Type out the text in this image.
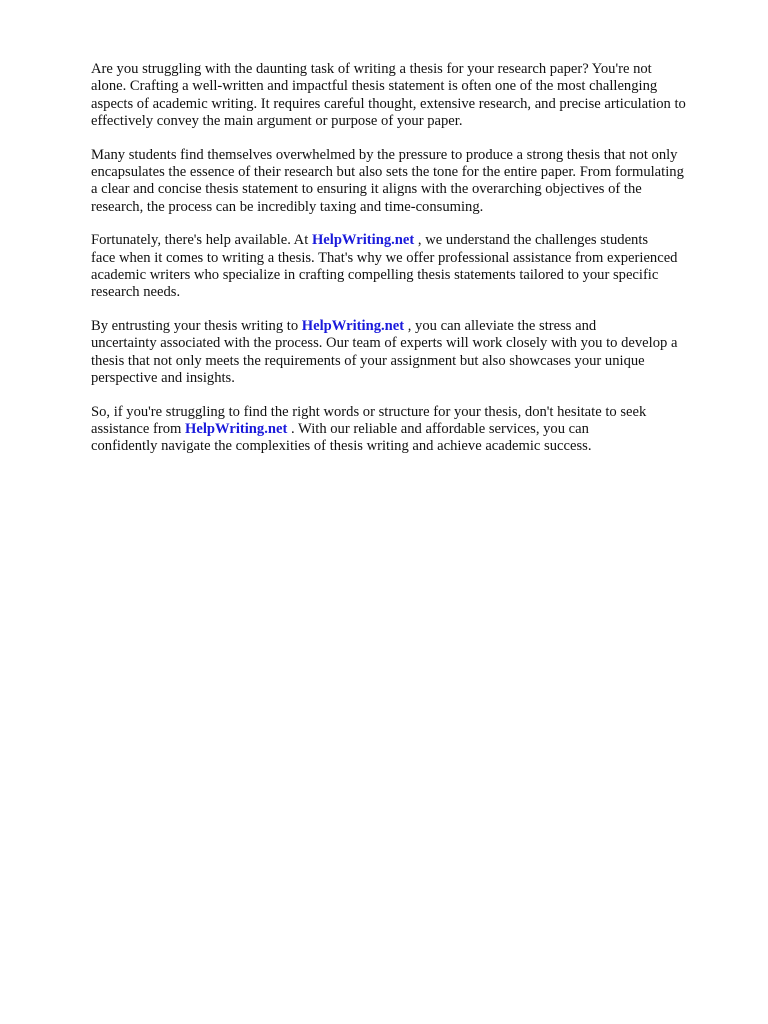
Are you struggling with the daunting task of writing a thesis for your research paper? You're not
alone. Crafting a well-written and impactful thesis statement is often one of the most challenging
aspects of academic writing. It requires careful thought, extensive research, and precise articulation to
effectively convey the main argument or purpose of your paper.

Many students find themselves overwhelmed by the pressure to produce a strong thesis that not only
encapsulates the essence of their research but also sets the tone for the entire paper. From formulating
a clear and concise thesis statement to ensuring it aligns with the overarching objectives of the
research, the process can be incredibly taxing and time-consuming.

Fortunately, there's help available. At HelpWriting.net , we understand the challenges students
face when it comes to writing a thesis. That's why we offer professional assistance from experienced
academic writers who specialize in crafting compelling thesis statements tailored to your specific
research needs.

By entrusting your thesis writing to HelpWriting.net , you can alleviate the stress and
uncertainty associated with the process. Our team of experts will work closely with you to develop a
thesis that not only meets the requirements of your assignment but also showcases your unique
perspective and insights.

So, if you're struggling to find the right words or structure for your thesis, don't hesitate to seek
assistance from HelpWriting.net . With our reliable and affordable services, you can
confidently navigate the complexities of thesis writing and achieve academic success.
